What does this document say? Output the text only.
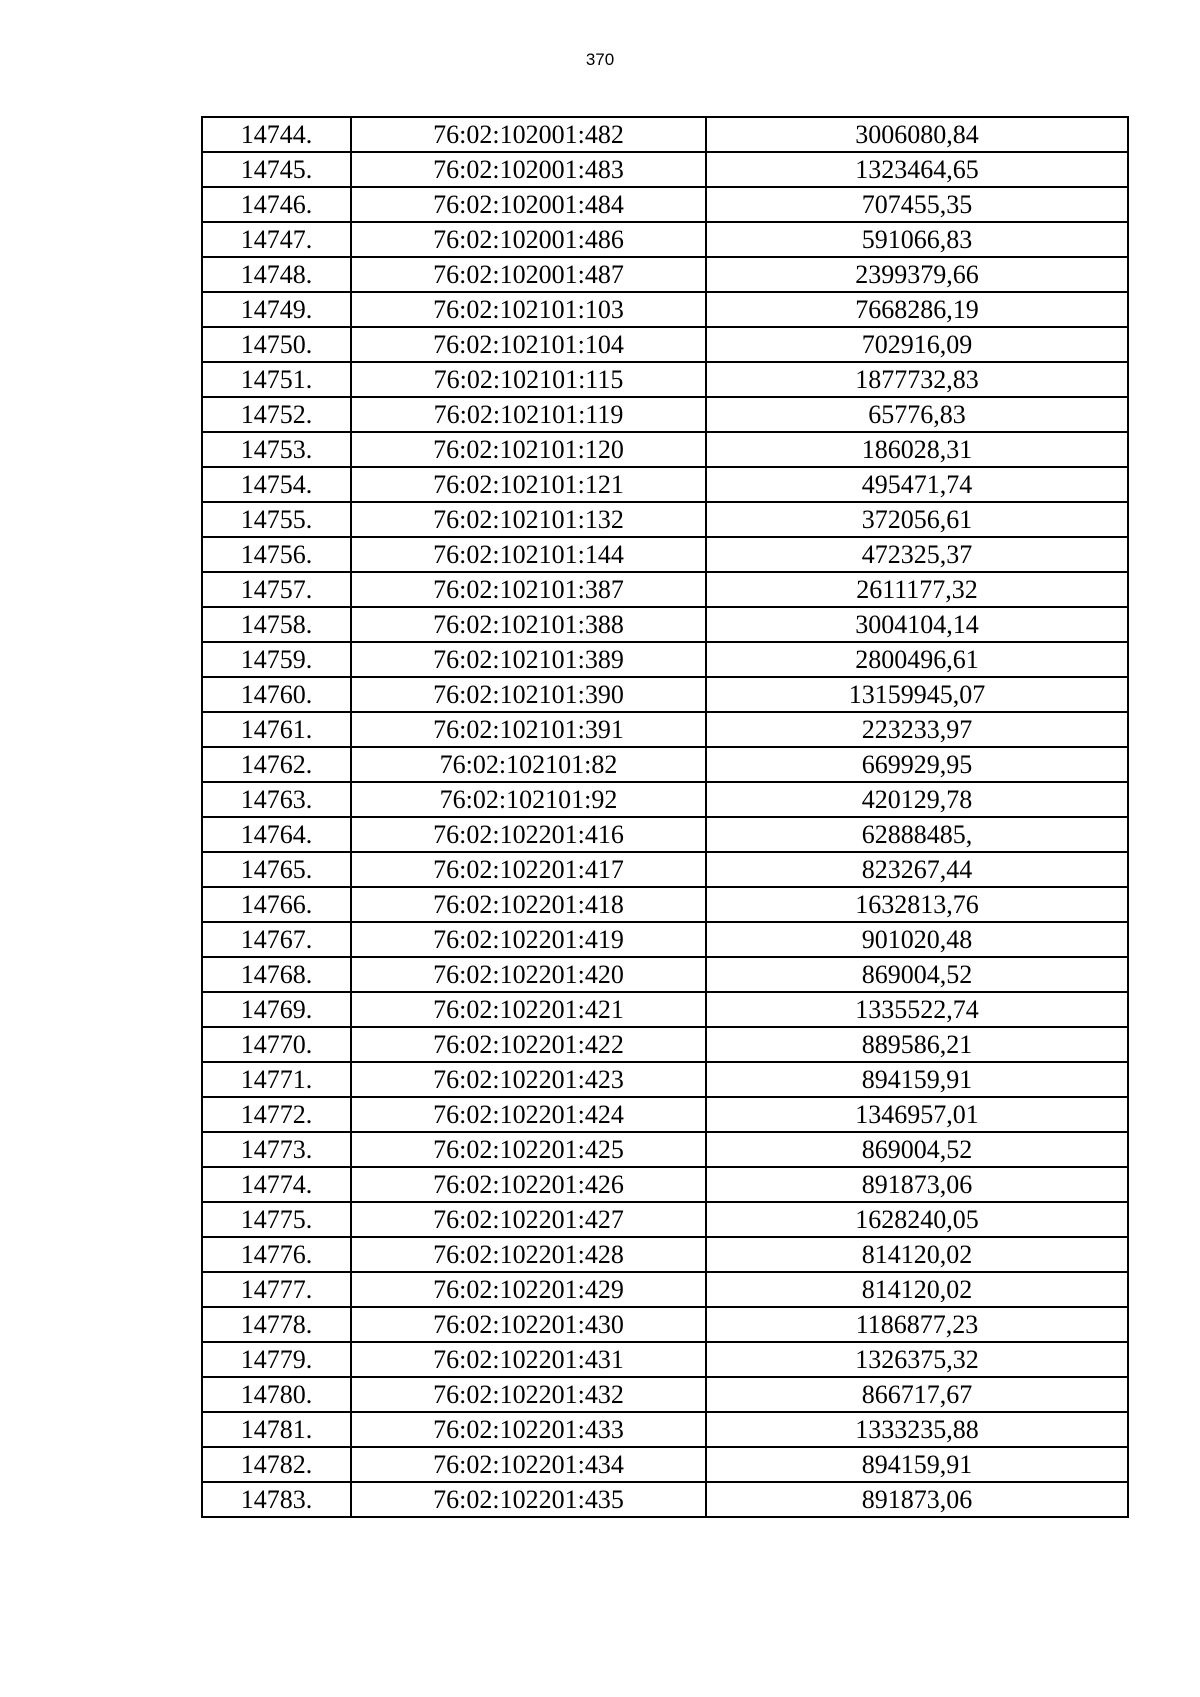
370
14744.	76:02:102001:482	3006080,84
14745.	76:02:102001:483	1323464,65
14746.	76:02:102001:484	707455,35
14747.	76:02:102001:486	591066,83
14748.	76:02:102001:487	2399379,66
14749.	76:02:102101:103	7668286,19
14750.	76:02:102101:104	702916,09
14751.	76:02:102101:115	1877732,83
14752.	76:02:102101:119	65776,83
14753.	76:02:102101:120	186028,31
14754.	76:02:102101:121	495471,74
14755.	76:02:102101:132	372056,61
14756.	76:02:102101:144	472325,37
14757.	76:02:102101:387	2611177,32
14758.	76:02:102101:388	3004104,14
14759.	76:02:102101:389	2800496,61
14760.	76:02:102101:390	13159945,07
14761.	76:02:102101:391	223233,97
14762.	76:02:102101:82	669929,95
14763.	76:02:102101:92	420129,78
14764.	76:02:102201:416	62888485,
14765.	76:02:102201:417	823267,44
14766.	76:02:102201:418	1632813,76
14767.	76:02:102201:419	901020,48
14768.	76:02:102201:420	869004,52
14769.	76:02:102201:421	1335522,74
14770.	76:02:102201:422	889586,21
14771.	76:02:102201:423	894159,91
14772.	76:02:102201:424	1346957,01
14773.	76:02:102201:425	869004,52
14774.	76:02:102201:426	891873,06
14775.	76:02:102201:427	1628240,05
14776.	76:02:102201:428	814120,02
14777.	76:02:102201:429	814120,02
14778.	76:02:102201:430	1186877,23
14779.	76:02:102201:431	1326375,32
14780.	76:02:102201:432	866717,67
14781.	76:02:102201:433	1333235,88
14782.	76:02:102201:434	894159,91
14783.	76:02:102201:435	891873,06
